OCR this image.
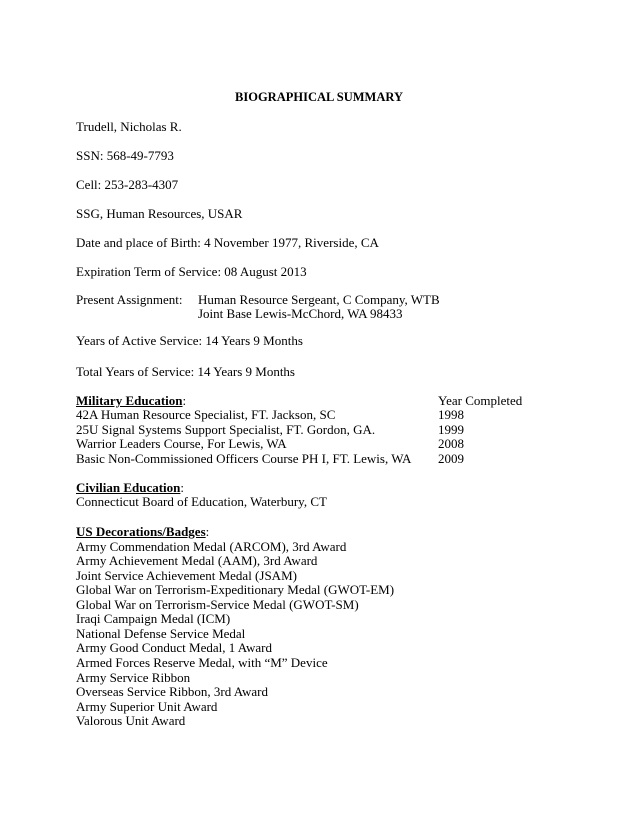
BIOGRAPHICAL SUMMARY
Trudell, Nicholas R.
SSN: 568-49-7793
Cell: 253-283-4307
SSG, Human Resources, USAR
Date and place of Birth: 4 November 1977, Riverside, CA
Expiration Term of Service: 08 August 2013
Present Assignment: Human Resource Sergeant, C Company, WTB
Joint Base Lewis-McChord, WA 98433
Years of Active Service: 14 Years 9 Months
Total Years of Service: 14 Years 9 Months
Military Education:	Year Completed
42A Human Resource Specialist, FT. Jackson, SC	1998
25U Signal Systems Support Specialist, FT. Gordon, GA.	1999
Warrior Leaders Course, For Lewis, WA	2008
Basic Non-Commissioned Officers Course PH I, FT. Lewis, WA 2009
Civilian Education:
Connecticut Board of Education, Waterbury, CT
US Decorations/Badges:
Army Commendation Medal (ARCOM), 3rd Award
Army Achievement Medal (AAM), 3rd Award
Joint Service Achievement Medal (JSAM)
Global War on Terrorism-Expeditionary Medal (GWOT-EM)
Global War on Terrorism-Service Medal (GWOT-SM)
Iraqi Campaign Medal (ICM)
National Defense Service Medal
Army Good Conduct Medal, 1 Award
Armed Forces Reserve Medal, with “M” Device
Army Service Ribbon
Overseas Service Ribbon, 3rd Award
Army Superior Unit Award
Valorous Unit Award
